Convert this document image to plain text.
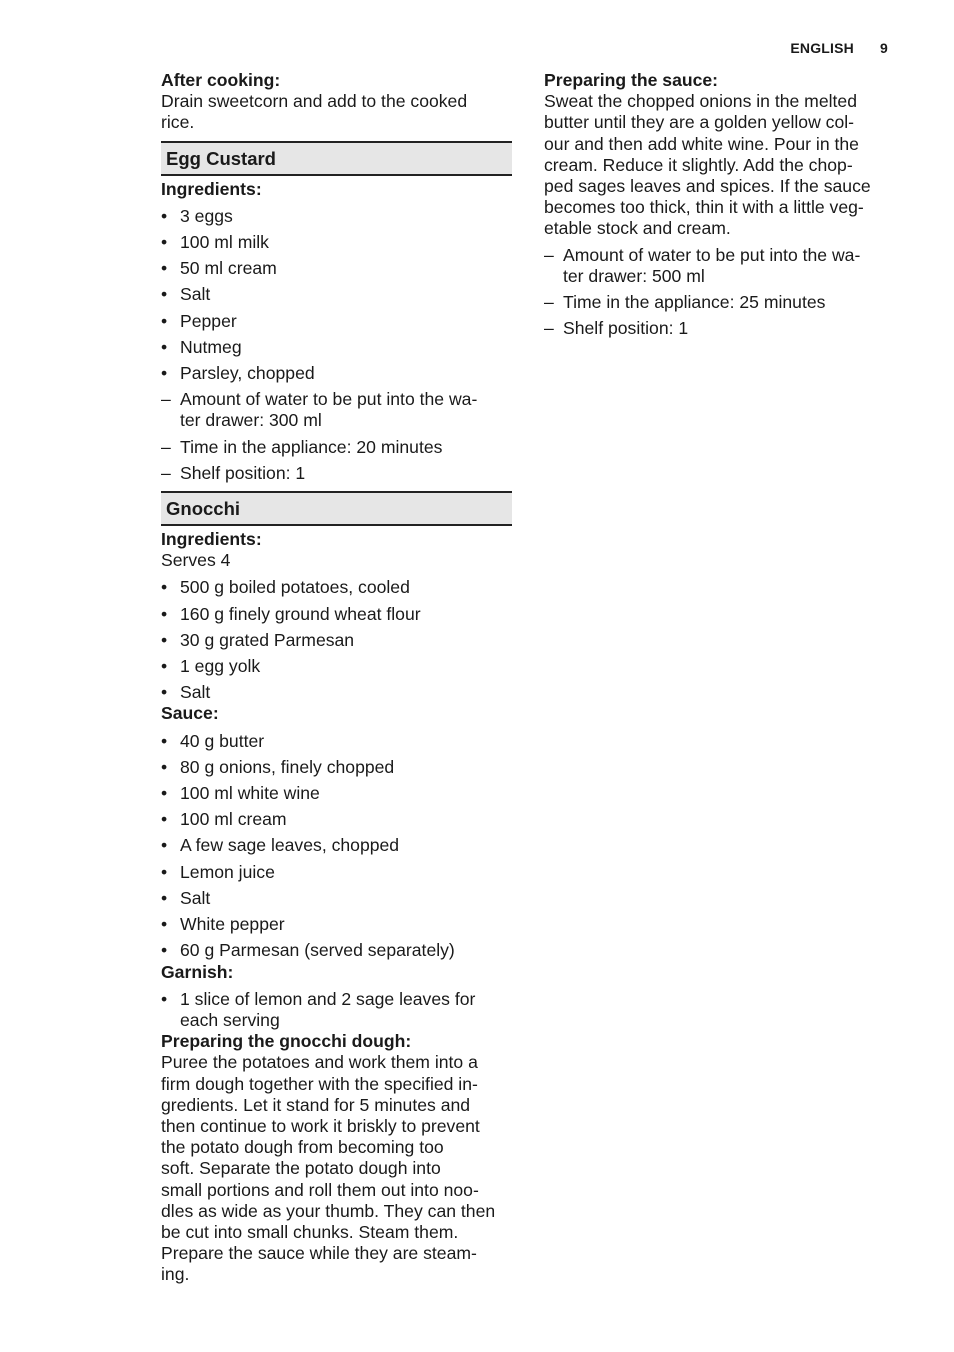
ENGLISH 9
After cooking:
Drain sweetcorn and add to the cooked
rice.
Egg Custard
Ingredients:
• 3 eggs
• 100 ml milk
• 50 ml cream
• Salt
• Pepper
• Nutmeg
• Parsley, chopped
– Amount of water to be put into the wa-
ter drawer: 300 ml
– Time in the appliance: 20 minutes
– Shelf position: 1
Gnocchi
Ingredients:
Serves 4
• 500 g boiled potatoes, cooled
• 160 g finely ground wheat flour
• 30 g grated Parmesan
• 1 egg yolk
• Salt
Sauce:
• 40 g butter
• 80 g onions, finely chopped
• 100 ml white wine
• 100 ml cream
• A few sage leaves, chopped
• Lemon juice
• Salt
• White pepper
• 60 g Parmesan (served separately)
Garnish:
• 1 slice of lemon and 2 sage leaves for
each serving
Preparing the gnocchi dough:
Puree the potatoes and work them into a
firm dough together with the specified in-
gredients. Let it stand for 5 minutes and
then continue to work it briskly to prevent
the potato dough from becoming too
soft. Separate the potato dough into
small portions and roll them out into noo-
dles as wide as your thumb. They can then
be cut into small chunks. Steam them.
Prepare the sauce while they are steam-
ing.
Preparing the sauce:
Sweat the chopped onions in the melted
butter until they are a golden yellow col-
our and then add white wine. Pour in the
cream. Reduce it slightly. Add the chop-
ped sages leaves and spices. If the sauce
becomes too thick, thin it with a little veg-
etable stock and cream.
– Amount of water to be put into the wa-
ter drawer: 500 ml
– Time in the appliance: 25 minutes
– Shelf position: 1
